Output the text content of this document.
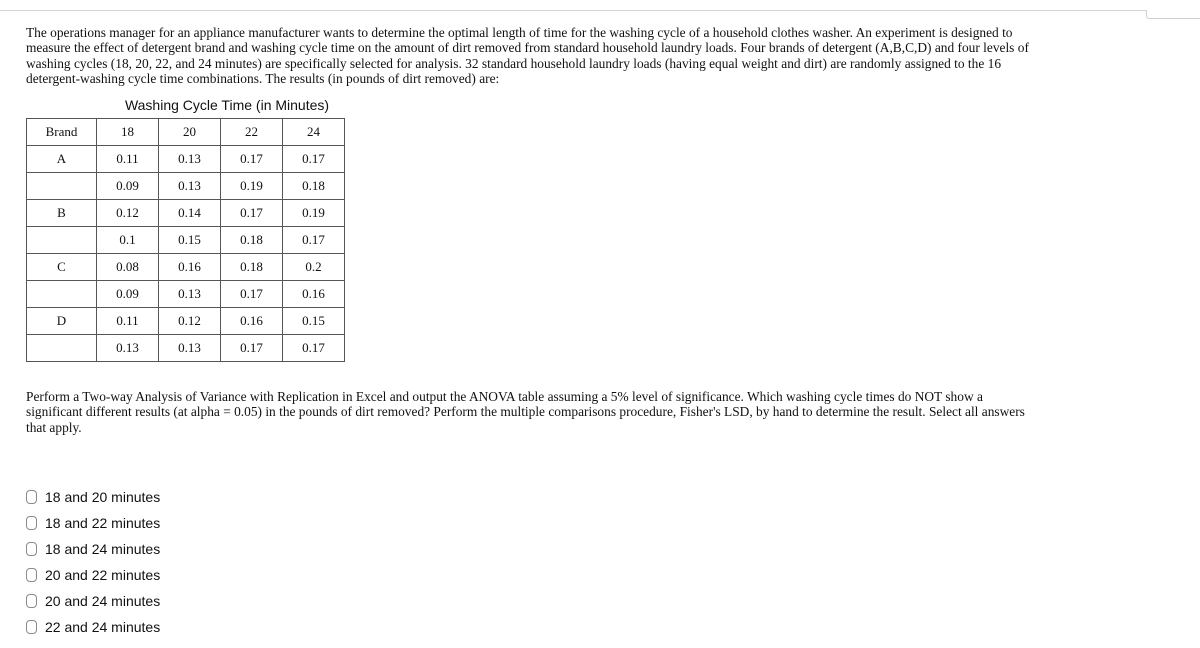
The operations manager for an appliance manufacturer wants to determine the optimal length of time for the washing cycle of a household clothes washer. An experiment is designed to measure the effect of detergent brand and washing cycle time on the amount of dirt removed from standard household laundry loads. Four brands of detergent (A,B,C,D) and four levels of washing cycles (18, 20, 22, and 24 minutes) are specifically selected for analysis. 32 standard household laundry loads (having equal weight and dirt) are randomly assigned to the 16 detergent-washing cycle time combinations. The results (in pounds of dirt removed) are:

Washing Cycle Time (in Minutes)
Brand	18	20	22	24
A	0.11	0.13	0.17	0.17
	0.09	0.13	0.19	0.18
B	0.12	0.14	0.17	0.19
	0.1	0.15	0.18	0.17
C	0.08	0.16	0.18	0.2
	0.09	0.13	0.17	0.16
D	0.11	0.12	0.16	0.15
	0.13	0.13	0.17	0.17

Perform a Two-way Analysis of Variance with Replication in Excel and output the ANOVA table assuming a 5% level of significance. Which washing cycle times do NOT show a significant different results (at alpha = 0.05) in the pounds of dirt removed? Perform the multiple comparisons procedure, Fisher's LSD, by hand to determine the result. Select all answers that apply.

18 and 20 minutes
18 and 22 minutes
18 and 24 minutes
20 and 22 minutes
20 and 24 minutes
22 and 24 minutes
